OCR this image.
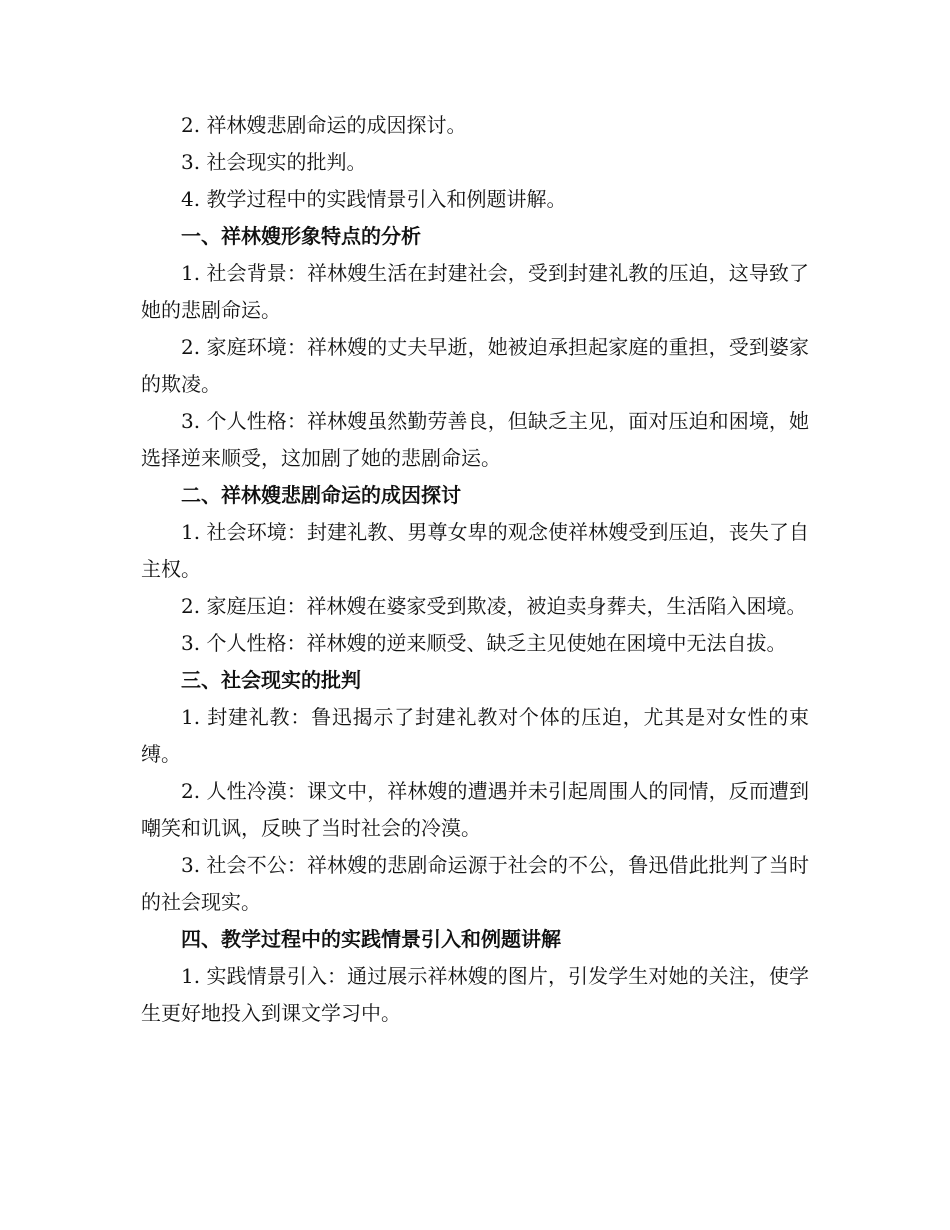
2. 祥林嫂悲剧命运的成因探讨。

3. 社会现实的批判。

4. 教学过程中的实践情景引入和例题讲解。

一、祥林嫂形象特点的分析

1. 社会背景：祥林嫂生活在封建社会，受到封建礼教的压迫，这导致了她的悲剧命运。

2. 家庭环境：祥林嫂的丈夫早逝，她被迫承担起家庭的重担，受到婆家的欺凌。

3. 个人性格：祥林嫂虽然勤劳善良，但缺乏主见，面对压迫和困境，她选择逆来顺受，这加剧了她的悲剧命运。

二、祥林嫂悲剧命运的成因探讨

1. 社会环境：封建礼教、男尊女卑的观念使祥林嫂受到压迫，丧失了自主权。

2. 家庭压迫：祥林嫂在婆家受到欺凌，被迫卖身葬夫，生活陷入困境。

3. 个人性格：祥林嫂的逆来顺受、缺乏主见使她在困境中无法自拔。

三、社会现实的批判

1. 封建礼教：鲁迅揭示了封建礼教对个体的压迫，尤其是对女性的束缚。

2. 人性冷漠：课文中，祥林嫂的遭遇并未引起周围人的同情，反而遭到嘲笑和讥讽，反映了当时社会的冷漠。

3. 社会不公：祥林嫂的悲剧命运源于社会的不公，鲁迅借此批判了当时的社会现实。

四、教学过程中的实践情景引入和例题讲解

1. 实践情景引入：通过展示祥林嫂的图片，引发学生对她的关注，使学生更好地投入到课文学习中。
